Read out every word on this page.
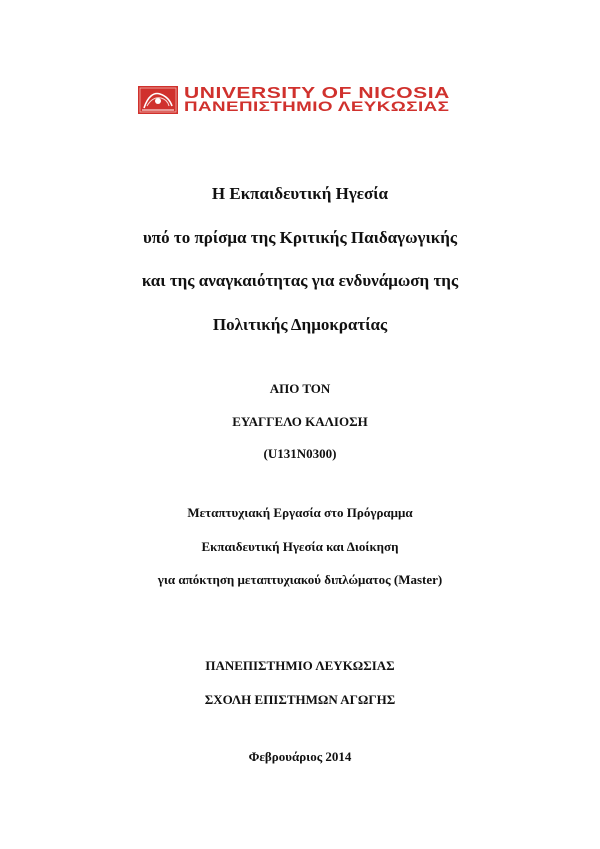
UNIVERSITY OF NICOSIA
ΠΑΝΕΠΙΣΤΗΜΙΟ ΛΕΥΚΩΣΙΑΣ
Η Εκπαιδευτική Ηγεσία
υπό το πρίσμα της Κριτικής Παιδαγωγικής
και της αναγκαιότητας για ενδυνάμωση της
Πολιτικής Δημοκρατίας
ΑΠΟ ΤΟΝ
ΕΥΑΓΓΕΛΟ ΚΑΛΙΟΣΗ
(U131N0300)
Μεταπτυχιακή Εργασία στο Πρόγραμμα
Εκπαιδευτική Ηγεσία και Διοίκηση
για απόκτηση μεταπτυχιακού διπλώματος (Master)
ΠΑΝΕΠΙΣΤΗΜΙΟ ΛΕΥΚΩΣΙΑΣ
ΣΧΟΛΗ ΕΠΙΣΤΗΜΩΝ ΑΓΩΓΗΣ
Φεβρουάριος 2014
